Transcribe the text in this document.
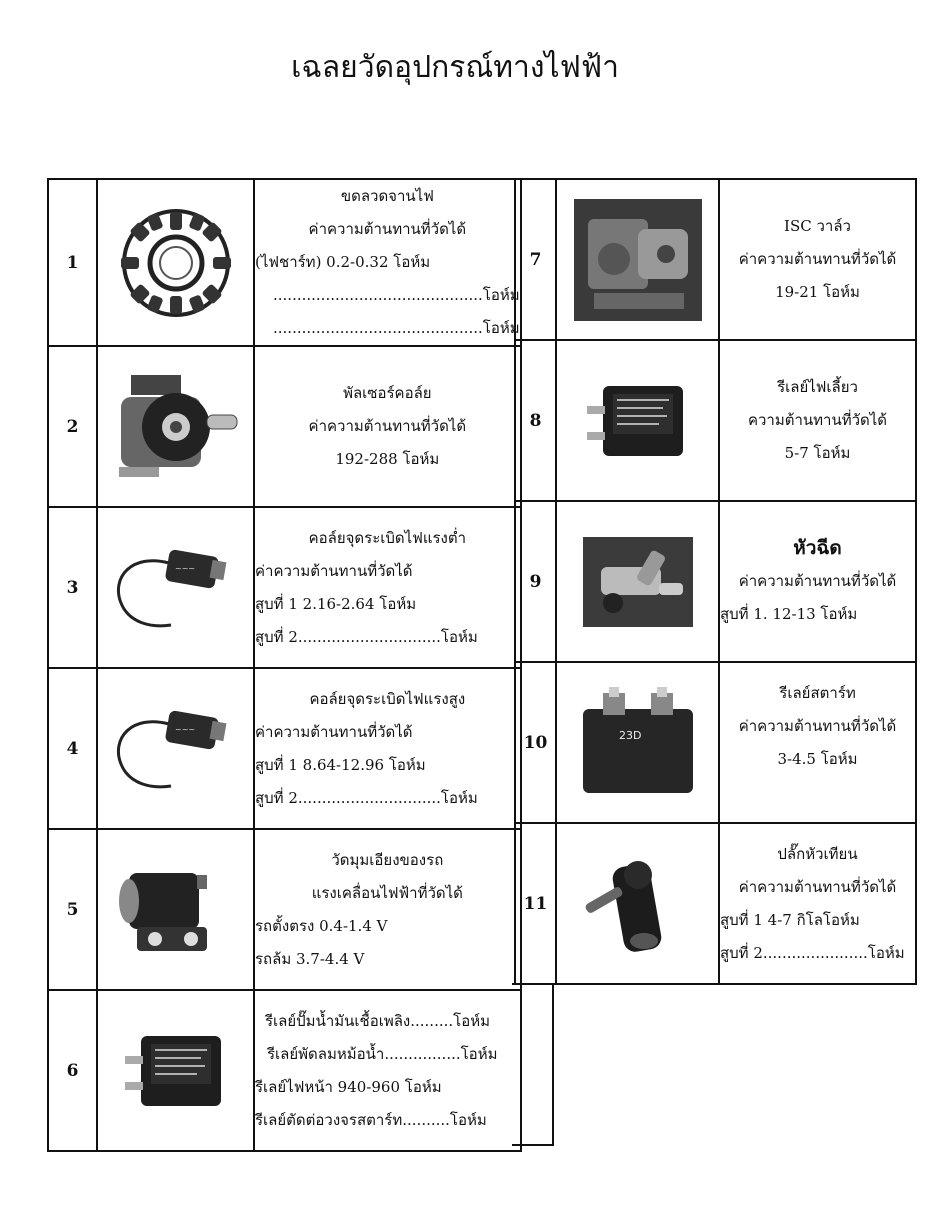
เฉลยวัดอุปกรณ์ทางไฟฟ้า
1		ขดลวดจานไฟ
ค่าความต้านทานที่วัดได้
(ไฟชาร์ท) 0.2-0.32 โอห์ม
............................................โอห์ม
............................................โอห์ม

2		พัลเซอร์คอล์ย
ค่าความต้านทานที่วัดได้
192-288 โอห์ม

3	~~~	คอล์ยจุดระเบิดไฟแรงต่ำ
ค่าความต้านทานที่วัดได้
สูบที่ 1 2.16-2.64 โอห์ม
สูบที่ 2..............................โอห์ม

4	~~~	คอล์ยจุดระเบิดไฟแรงสูง
ค่าความต้านทานที่วัดได้
สูบที่ 1 8.64-12.96 โอห์ม
สูบที่ 2..............................โอห์ม

5		วัดมุมเอียงของรถ
แรงเคลื่อนไฟฟ้าที่วัดได้
รถตั้งตรง 0.4-1.4 V
รถล้ม 3.7-4.4 V

6		รีเลย์ปั๊มน้ำมันเชื้อเพลิง.........โอห์ม
รีเลย์พัดลมหม้อน้ำ................โอห์ม
รีเลย์ไฟหน้า 940-960 โอห์ม
รีเลย์ตัดต่อวงจรสตาร์ท..........โอห์ม
7		ISC วาล์ว
ค่าความต้านทานที่วัดได้
19-21 โอห์ม

8		รีเลย์ไฟเลี้ยว
ความต้านทานที่วัดได้
5-7 โอห์ม

9		หัวฉีด
ค่าความต้านทานที่วัดได้
สูบที่ 1. 12-13 โอห์ม

10	23D	รีเลย์สตาร์ท
ค่าความต้านทานที่วัดได้
3-4.5 โอห์ม

11		ปลั๊กหัวเทียน
ค่าความต้านทานที่วัดได้
สูบที่ 1 4-7 กิโลโอห์ม
สูบที่ 2......................โอห์ม
